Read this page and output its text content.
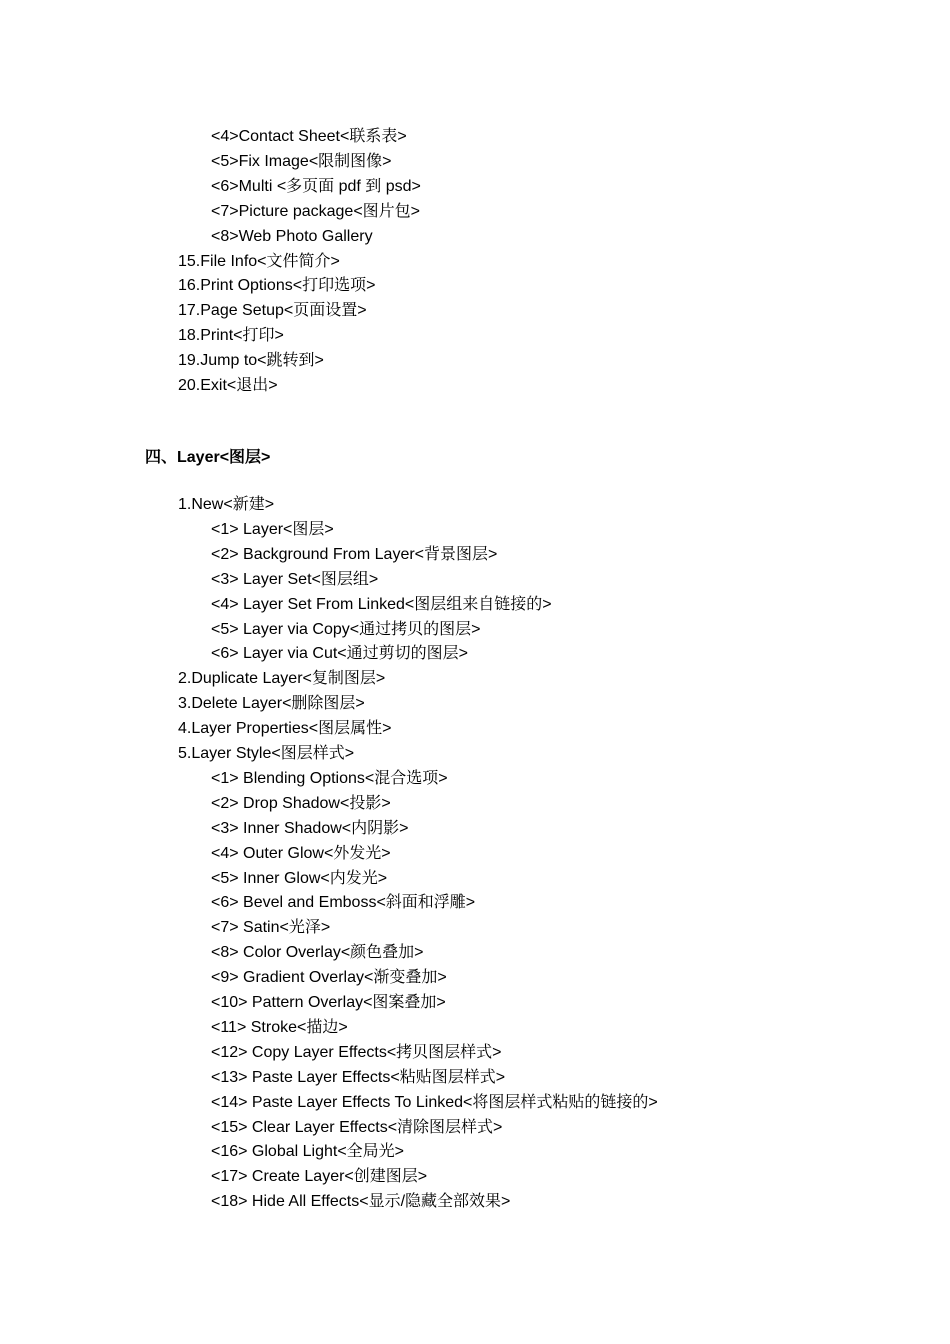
<4>Contact Sheet<联系表>
<5>Fix Image<限制图像>
<6>Multi <多页面 pdf 到 psd>
<7>Picture package<图片包>
<8>Web Photo Gallery
15.File Info<文件简介>
16.Print Options<打印选项>
17.Page Setup<页面设置>
18.Print<打印>
19.Jump to<跳转到>
20.Exit<退出>
四、Layer<图层>
1.New<新建>
<1> Layer<图层>
<2> Background From Layer<背景图层>
<3> Layer Set<图层组>
<4> Layer Set From Linked<图层组来自链接的>
<5> Layer via Copy<通过拷贝的图层>
<6> Layer via Cut<通过剪切的图层>
2.Duplicate Layer<复制图层>
3.Delete Layer<删除图层>
4.Layer Properties<图层属性>
5.Layer Style<图层样式>
<1> Blending Options<混合选项>
<2> Drop Shadow<投影>
<3> Inner Shadow<内阴影>
<4> Outer Glow<外发光>
<5> Inner Glow<内发光>
<6> Bevel and Emboss<斜面和浮雕>
<7> Satin<光泽>
<8> Color Overlay<颜色叠加>
<9> Gradient Overlay<渐变叠加>
<10> Pattern Overlay<图案叠加>
<11> Stroke<描边>
<12> Copy Layer Effects<拷贝图层样式>
<13> Paste Layer Effects<粘贴图层样式>
<14> Paste Layer Effects To Linked<将图层样式粘贴的链接的>
<15> Clear Layer Effects<清除图层样式>
<16> Global Light<全局光>
<17> Create Layer<创建图层>
<18> Hide All Effects<显示/隐藏全部效果>
